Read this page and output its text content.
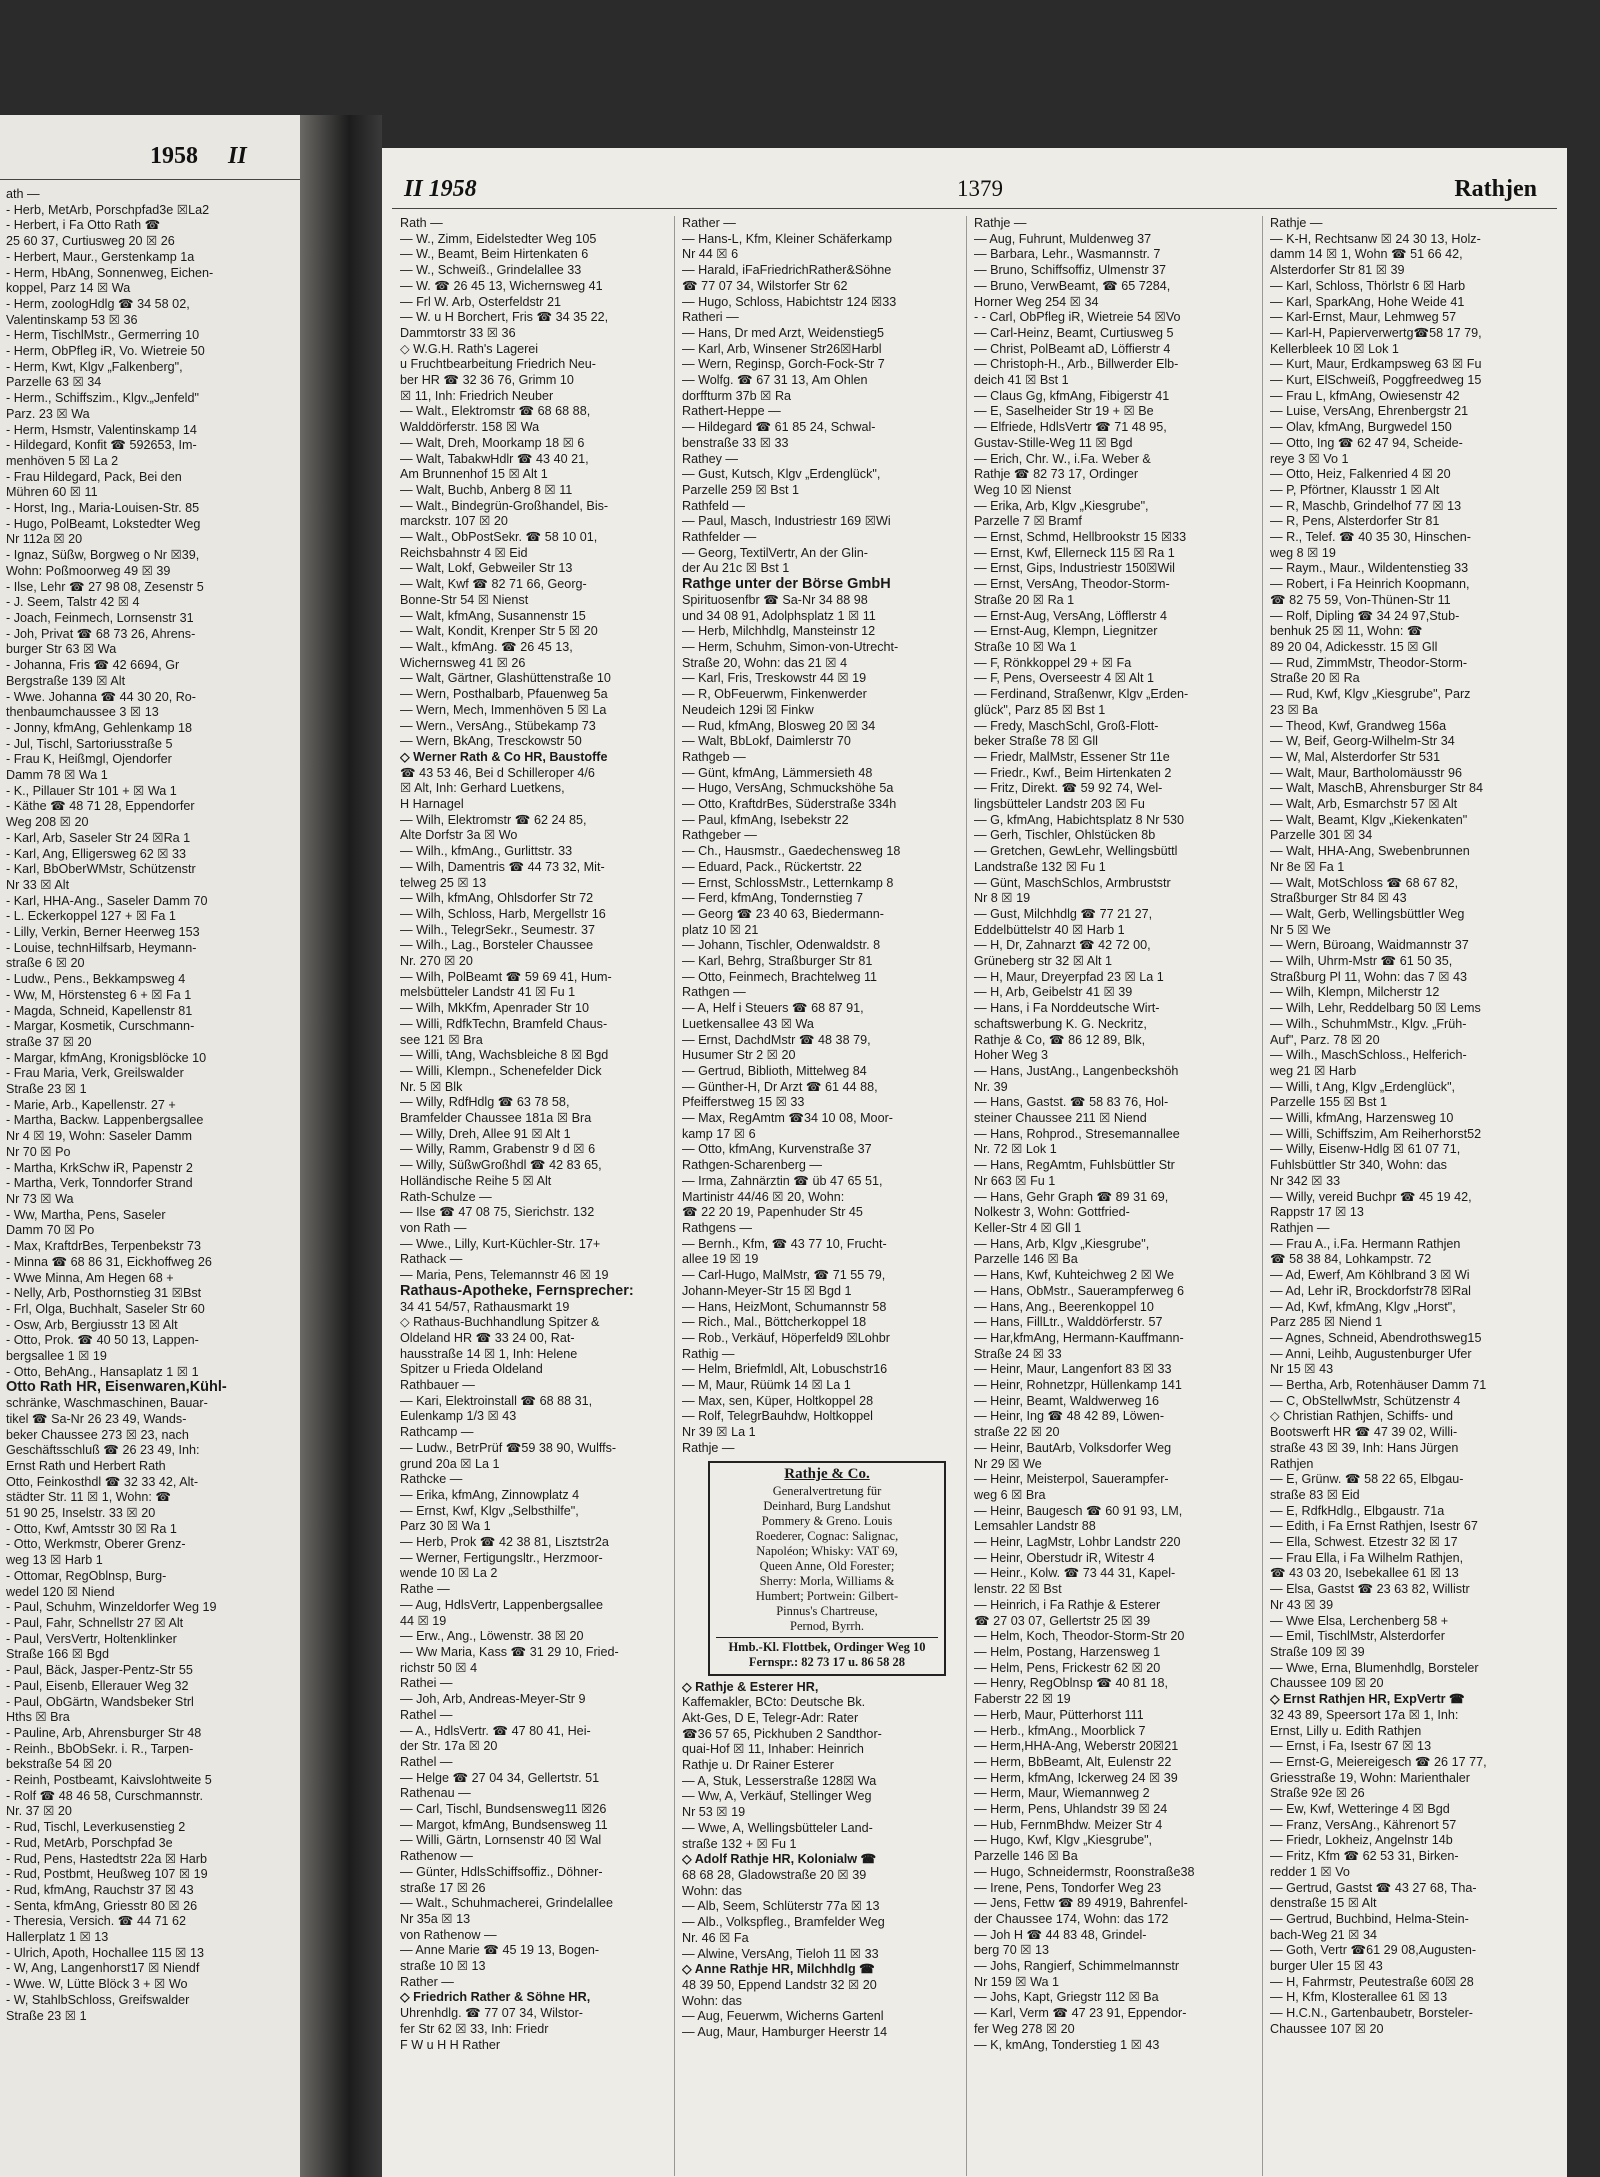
1958 II
ath —
- Herb, MetArb, Porschpfad3e ☒La2
- Herbert, i Fa Otto Rath ☎
25 60 37, Curtiusweg 20 ☒ 26
- Herbert, Maur., Gerstenkamp 1a
- Herm, HbAng, Sonnenweg, Eichen-
koppel, Parz 14 ☒ Wa
- Herm, zoologHdlg ☎ 34 58 02,
Valentinskamp 53 ☒ 36
- Herm, TischlMstr., Germerring 10
- Herm, ObPfleg iR, Vo. Wietreie 50
- Herm, Kwt, Klgv „Falkenberg",
Parzelle 63 ☒ 34
- Herm., Schiffszim., Klgv.„Jenfeld"
Parz. 23 ☒ Wa
- Herm, Hsmstr, Valentinskamp 14
- Hildegard, Konfit ☎ 592653, Im-
menhöven 5 ☒ La 2
- Frau Hildegard, Pack, Bei den
Mühren 60 ☒ 11
- Horst, Ing., Maria-Louisen-Str. 85
- Hugo, PolBeamt, Lokstedter Weg
Nr 112a ☒ 20
- Ignaz, Süßw, Borgweg o Nr ☒39,
Wohn: Poßmoorweg 49 ☒ 39
- Ilse, Lehr ☎ 27 98 08, Zesenstr 5
- J. Seem, Talstr 42 ☒ 4
- Joach, Feinmech, Lornsenstr 31
- Joh, Privat ☎ 68 73 26, Ahrens-
burger Str 63 ☒ Wa
- Johanna, Fris ☎ 42 6694, Gr
Bergstraße 139 ☒ Alt
- Wwe. Johanna ☎ 44 30 20, Ro-
thenbaumchaussee 3 ☒ 13
- Jonny, kfmAng, Gehlenkamp 18
- Jul, Tischl, Sartoriusstraße 5
- Frau K, Heißmgl, Ojendorfer
Damm 78 ☒ Wa 1
- K., Pillauer Str 101 + ☒ Wa 1
- Käthe ☎ 48 71 28, Eppendorfer
Weg 208 ☒ 20
- Karl, Arb, Saseler Str 24 ☒Ra 1
- Karl, Ang, Elligersweg 62 ☒ 33
- Karl, BbOberWMstr, Schützenstr
Nr 33 ☒ Alt
- Karl, HHA-Ang., Saseler Damm 70
- L. Eckerkoppel 127 + ☒ Fa 1
- Lilly, Verkin, Berner Heerweg 153
- Louise, technHilfsarb, Heymann-
straße 6 ☒ 20
- Ludw., Pens., Bekkampsweg 4
- Ww, M, Hörstensteg 6 + ☒ Fa 1
- Magda, Schneid, Kapellenstr 81
- Margar, Kosmetik, Curschmann-
straße 37 ☒ 20
- Margar, kfmAng, Kronigsblöcke 10
- Frau Maria, Verk, Greilswalder
Straße 23 ☒ 1
- Marie, Arb., Kapellenstr. 27 +
- Martha, Backw. Lappenbergsallee
Nr 4 ☒ 19, Wohn: Saseler Damm
Nr 70 ☒ Po
- Martha, KrkSchw iR, Papenstr 2
- Martha, Verk, Tonndorfer Strand
Nr 73 ☒ Wa
- Ww, Martha, Pens, Saseler
Damm 70 ☒ Po
- Max, KraftdrBes, Terpenbekstr 73
- Minna ☎ 68 86 31, Eickhoffweg 26
- Wwe Minna, Am Hegen 68 +
- Nelly, Arb, Posthornstieg 31 ☒Bst
- Frl, Olga, Buchhalt, Saseler Str 60
- Osw, Arb, Bergiusstr 13 ☒ Alt
- Otto, Prok. ☎ 40 50 13, Lappen-
bergsallee 1 ☒ 19
- Otto, BehAng., Hansaplatz 1 ☒ 1
Otto Rath HR, Eisenwaren,Kühl-
schränke, Waschmaschinen, Bauar-
tikel ☎ Sa-Nr 26 23 49, Wands-
beker Chaussee 273 ☒ 23, nach
Geschäftsschluß ☎ 26 23 49, Inh:
Ernst Rath und Herbert Rath
Otto, Feinkosthdl ☎ 32 33 42, Alt-
städter Str. 11 ☒ 1, Wohn: ☎
51 90 25, Inselstr. 33 ☒ 20
- Otto, Kwf, Amtsstr 30 ☒ Ra 1
- Otto, Werkmstr, Oberer Grenz-
weg 13 ☒ Harb 1
- Ottomar, RegOblnsp, Burg-
wedel 120 ☒ Niend
- Paul, Schuhm, Winzeldorfer Weg 19
- Paul, Fahr, Schnellstr 27 ☒ Alt
- Paul, VersVertr, Holtenklinker
Straße 166 ☒ Bgd
- Paul, Bäck, Jasper-Pentz-Str 55
- Paul, Eisenb, Ellerauer Weg 32
- Paul, ObGärtn, Wandsbeker Strl
Hths ☒ Bra
- Pauline, Arb, Ahrensburger Str 48
- Reinh., BbObSekr. i. R., Tarpen-
bekstraße 54 ☒ 20
- Reinh, Postbeamt, Kaivslohtweite 5
- Rolf ☎ 48 46 58, Curschmannstr.
Nr. 37 ☒ 20
- Rud, Tischl, Leverkusenstieg 2
- Rud, MetArb, Porschpfad 3e
- Rud, Pens, Hastedtstr 22a ☒ Harb
- Rud, Postbmt, Heußweg 107 ☒ 19
- Rud, kfmAng, Rauchstr 37 ☒ 43
- Senta, kfmAng, Griesstr 80 ☒ 26
- Theresia, Versich. ☎ 44 71 62
Hallerplatz 1 ☒ 13
- Ulrich, Apoth, Hochallee 115 ☒ 13
- W, Ang, Langenhorst17 ☒ Niendf
- Wwe. W, Lütte Blöck 3 + ☒ Wo
- W, StahlbSchloss, Greifswalder
Straße 23 ☒ 1
II 1958	1379	Rathjen
Rath —
— W., Zimm, Eidelstedter Weg 105
— W., Beamt, Beim Hirtenkaten 6
— W., Schweiß., Grindelallee 33
— W. ☎ 26 45 13, Wichernsweg 41
— Frl W. Arb, Osterfeldstr 21
— W. u H Borchert, Fris ☎ 34 35 22,
Dammtorstr 33 ☒ 36
◇ W.G.H. Rath's Lagerei
u Fruchtbearbeitung Friedrich Neu-
ber HR ☎ 32 36 76, Grimm 10
☒ 11, Inh: Friedrich Neuber
— Walt., Elektromstr ☎ 68 68 88,
Walddörferstr. 158 ☒ Wa
— Walt, Dreh, Moorkamp 18 ☒ 6
— Walt, TabakwHdlr ☎ 43 40 21,
Am Brunnenhof 15 ☒ Alt 1
— Walt, Buchb, Anberg 8 ☒ 11
— Walt., Bindegrün-Großhandel, Bis-
marckstr. 107 ☒ 20
— Walt., ObPostSekr. ☎ 58 10 01,
Reichsbahnstr 4 ☒ Eid
— Walt, Lokf, Gebweiler Str 13
— Walt, Kwf ☎ 82 71 66, Georg-
Bonne-Str 54 ☒ Nienst
— Walt, kfmAng, Susannenstr 15
— Walt, Kondit, Krenper Str 5 ☒ 20
— Walt., kfmAng. ☎ 26 45 13,
Wichernsweg 41 ☒ 26
— Walt, Gärtner, Glashüttenstraße 10
— Wern, Posthalbarb, Pfauenweg 5a
— Wern, Mech, Immenhöven 5 ☒ La
— Wern., VersAng., Stübekamp 73
— Wern, BkAng, Tresckowstr 50
◇ Werner Rath & Co HR, Baustoffe
☎ 43 53 46, Bei d Schilleroper 4/6
☒ Alt, Inh: Gerhard Luetkens,
H Harnagel
— Wilh, Elektromstr ☎ 62 24 85,
Alte Dorfstr 3a ☒ Wo
— Wilh., kfmAng., Gurlittstr. 33
— Wilh, Damentris ☎ 44 73 32, Mit-
telweg 25 ☒ 13
— Wilh, kfmAng, Ohlsdorfer Str 72
— Wilh, Schloss, Harb, Mergellstr 16
— Wilh., TelegrSekr., Seumestr. 37
— Wilh., Lag., Borsteler Chaussee
Nr. 270 ☒ 20
— Wilh, PolBeamt ☎ 59 69 41, Hum-
melsbütteler Landstr 41 ☒ Fu 1
— Wilh, MkKfm, Apenrader Str 10
— Willi, RdfkTechn, Bramfeld Chaus-
see 121 ☒ Bra
— Willi, tAng, Wachsbleiche 8 ☒ Bgd
— Willi, Klempn., Schenefelder Dick
Nr. 5 ☒ Blk
— Willy, RdfHdlg ☎ 63 78 58,
Bramfelder Chaussee 181a ☒ Bra
— Willy, Dreh, Allee 91 ☒ Alt 1
— Willy, Ramm, Grabenstr 9 d ☒ 6
— Willy, SüßwGroßhdl ☎ 42 83 65,
Holländische Reihe 5 ☒ Alt
Rath-Schulze —
— Ilse ☎ 47 08 75, Sierichstr. 132
von Rath —
— Wwe., Lilly, Kurt-Küchler-Str. 17+
Rathack —
— Maria, Pens, Telemannstr 46 ☒ 19
Rathaus-Apotheke, Fernsprecher:
34 41 54/57, Rathausmarkt 19
◇ Rathaus-Buchhandlung Spitzer &
Oldeland HR ☎ 33 24 00, Rat-
hausstraße 14 ☒ 1, Inh: Helene
Spitzer u Frieda Oldeland
Rathbauer —
— Kari, Elektroinstall ☎ 68 88 31,
Eulenkamp 1/3 ☒ 43
Rathcamp —
— Ludw., BetrPrüf ☎59 38 90, Wulffs-
grund 20a ☒ La 1
Rathcke —
— Erika, kfmAng, Zinnowplatz 4
— Ernst, Kwf, Klgv „Selbsthilfe",
Parz 30 ☒ Wa 1
— Herb, Prok ☎ 42 38 81, Lisztstr2a
— Werner, Fertigungsltr., Herzmoor-
wende 10 ☒ La 2
Rathe —
— Aug, HdlsVertr, Lappenbergsallee
44 ☒ 19
— Erw., Ang., Löwenstr. 38 ☒ 20
— Ww Maria, Kass ☎ 31 29 10, Fried-
richstr 50 ☒ 4
Rathei —
— Joh, Arb, Andreas-Meyer-Str 9
Rathel —
— A., HdlsVertr. ☎ 47 80 41, Hei-
der Str. 17a ☒ 20
Rathel —
— Helge ☎ 27 04 34, Gellertstr. 51
Rathenau —
— Carl, Tischl, Bundsensweg11 ☒26
— Margot, kfmAng, Bundsensweg 11
— Willi, Gärtn, Lornsenstr 40 ☒ Wal
Rathenow —
— Günter, HdlsSchiffsoffiz., Döhner-
straße 17 ☒ 26
— Walt., Schuhmacherei, Grindelallee
Nr 35a ☒ 13
von Rathenow —
— Anne Marie ☎ 45 19 13, Bogen-
straße 10 ☒ 13
Rather —
◇ Friedrich Rather & Söhne HR,
Uhrenhdlg. ☎ 77 07 34, Wilstor-
fer Str 62 ☒ 33, Inh: Friedr
F W u H H Rather
Rather —
— Hans-L, Kfm, Kleiner Schäferkamp
Nr 44 ☒ 6
— Harald, iFaFriedrichRather&Söhne
☎ 77 07 34, Wilstorfer Str 62
— Hugo, Schloss, Habichtstr 124 ☒33
Ratheri —
— Hans, Dr med Arzt, Weidenstieg5
— Karl, Arb, Winsener Str26☒Harbl
— Wern, Reginsp, Gorch-Fock-Str 7
— Wolfg. ☎ 67 31 13, Am Ohlen
dorffturm 37b ☒ Ra
Rathert-Heppe —
— Hildegard ☎ 61 85 24, Schwal-
benstraße 33 ☒ 33
Rathey —
— Gust, Kutsch, Klgv „Erdenglück",
Parzelle 259 ☒ Bst 1
Rathfeld —
— Paul, Masch, Industriestr 169 ☒Wi
Rathfelder —
— Georg, TextilVertr, An der Glin-
der Au 21c ☒ Bst 1
Rathge unter der Börse GmbH
Spirituosenfbr ☎ Sa-Nr 34 88 98
und 34 08 91, Adolphsplatz 1 ☒ 11
— Herb, Milchhdlg, Mansteinstr 12
— Herm, Schuhm, Simon-von-Utrecht-
Straße 20, Wohn: das 21 ☒ 4
— Karl, Fris, Treskowstr 44 ☒ 19
— R, ObFeuerwm, Finkenwerder
Neudeich 129i ☒ Finkw
— Rud, kfmAng, Blosweg 20 ☒ 34
— Walt, BbLokf, Daimlerstr 70
Rathgeb —
— Günt, kfmAng, Lämmersieth 48
— Hugo, VersAng, Schmuckshöhe 5a
— Otto, KraftdrBes, Süderstraße 334h
— Paul, kfmAng, Isebekstr 22
Rathgeber —
— Ch., Hausmstr., Gaedechensweg 18
— Eduard, Pack., Rückertstr. 22
— Ernst, SchlossMstr., Letternkamp 8
— Ferd, kfmAng, Tondernstieg 7
— Georg ☎ 23 40 63, Biedermann-
platz 10 ☒ 21
— Johann, Tischler, Odenwaldstr. 8
— Karl, Behrg, Straßburger Str 81
— Otto, Feinmech, Brachtelweg 11
Rathgen —
— A, Helf i Steuers ☎ 68 87 91,
Luetkensallee 43 ☒ Wa
— Ernst, DachdMstr ☎ 48 38 79,
Husumer Str 2 ☒ 20
— Gertrud, Biblioth, Mittelweg 84
— Günther-H, Dr Arzt ☎ 61 44 88,
Pfeifferstweg 15 ☒ 33
— Max, RegAmtm ☎34 10 08, Moor-
kamp 17 ☒ 6
— Otto, kfmAng, Kurvenstraße 37
Rathgen-Scharenberg —
— Irma, Zahnärztin ☎ üb 47 65 51,
Martinistr 44/46 ☒ 20, Wohn:
☎ 22 20 19, Papenhuder Str 45
Rathgens —
— Bernh., Kfm, ☎ 43 77 10, Frucht-
allee 19 ☒ 19
— Carl-Hugo, MalMstr, ☎ 71 55 79,
Johann-Meyer-Str 15 ☒ Bgd 1
— Hans, HeizMont, Schumannstr 58
— Rich., Mal., Böttcherkoppel 18
— Rob., Verkäuf, Höperfeld9 ☒Lohbr
Rathig —
— Helm, Briefmldl, Alt, Lobuschstr16
— M, Maur, Rüümk 14 ☒ La 1
— Max, sen, Küper, Holtkoppel 28
— Rolf, TelegrBauhdw, Holtkoppel
Nr 39 ☒ La 1
Rathje —
Rathje & Co.
Generalvertretung für
Deinhard, Burg Landshut
Pommery & Greno. Louis
Roederer, Cognac: Salignac,
Napoléon; Whisky: VAT 69,
Queen Anne, Old Forester;
Sherry: Morla, Williams &
Humbert; Portwein: Gilbert-
Pinnus's Chartreuse,
Pernod, Byrrh.
Hmb.-Kl. Flottbek, Ordinger Weg 10
Fernspr.: 82 73 17 u. 86 58 28
◇ Rathje & Esterer HR,
Kaffemakler, BCto: Deutsche Bk.
Akt-Ges, D E, Telegr-Adr: Rater
☎36 57 65, Pickhuben 2 Sandthor-
quai-Hof ☒ 11, Inhaber: Heinrich
Rathje u. Dr Rainer Esterer
— A, Stuk, Lesserstraße 128☒ Wa
— Ww, A, Verkäuf, Stellinger Weg
Nr 53 ☒ 19
— Wwe, A, Wellingsbütteler Land-
straße 132 + ☒ Fu 1
◇ Adolf Rathje HR, Kolonialw ☎
68 68 28, Gladowstraße 20 ☒ 39
Wohn: das
— Alb, Seem, Schlüterstr 77a ☒ 13
— Alb., Volkspfleg., Bramfelder Weg
Nr. 46 ☒ Fa
— Alwine, VersAng, Tieloh 11 ☒ 33
◇ Anne Rathje HR, Milchhdlg ☎
48 39 50, Eppend Landstr 32 ☒ 20
Wohn: das
— Aug, Feuerwm, Wicherns Gartenl
— Aug, Maur, Hamburger Heerstr 14
Rathje —
— Aug, Fuhrunt, Muldenweg 37
— Barbara, Lehr., Wasmannstr. 7
— Bruno, Schiffsoffiz, Ulmenstr 37
— Bruno, VerwBeamt, ☎ 65 7284,
Horner Weg 254 ☒ 34
- - Carl, ObPfleg iR, Wietreie 54 ☒Vo
— Carl-Heinz, Beamt, Curtiusweg 5
— Christ, PolBeamt aD, Löffierstr 4
— Christoph-H., Arb., Billwerder Elb-
deich 41 ☒ Bst 1
— Claus Gg, kfmAng, Fibigerstr 41
— E, Saselheider Str 19 + ☒ Be
— Elfriede, HdlsVertr ☎ 71 48 95,
Gustav-Stille-Weg 11 ☒ Bgd
— Erich, Chr. W., i.Fa. Weber &
Rathje ☎ 82 73 17, Ordinger
Weg 10 ☒ Nienst
— Erika, Arb, Klgv „Kiesgrube",
Parzelle 7 ☒ Bramf
— Ernst, Schmd, Hellbrookstr 15 ☒33
— Ernst, Kwf, Ellerneck 115 ☒ Ra 1
— Ernst, Gips, Industriestr 150☒Wil
— Ernst, VersAng, Theodor-Storm-
Straße 20 ☒ Ra 1
— Ernst-Aug, VersAng, Löfflerstr 4
— Ernst-Aug, Klempn, Liegnitzer
Straße 10 ☒ Wa 1
— F, Rönkkoppel 29 + ☒ Fa
— F, Pens, Overseestr 4 ☒ Alt 1
— Ferdinand, Straßenwr, Klgv „Erden-
glück", Parz 85 ☒ Bst 1
— Fredy, MaschSchl, Groß-Flott-
beker Straße 78 ☒ Gll
— Friedr, MalMstr, Essener Str 11e
— Friedr., Kwf., Beim Hirtenkaten 2
— Fritz, Direkt. ☎ 59 92 74, Wel-
lingsbütteler Landstr 203 ☒ Fu
— G, kfmAng, Habichtsplatz 8 Nr 530
— Gerh, Tischler, Ohlstücken 8b
— Gretchen, GewLehr, Wellingsbüttl
Landstraße 132 ☒ Fu 1
— Günt, MaschSchlos, Armbruststr
Nr 8 ☒ 19
— Gust, Milchhdlg ☎ 77 21 27,
Eddelbüttelstr 40 ☒ Harb 1
— H, Dr, Zahnarzt ☎ 42 72 00,
Grüneberg str 32 ☒ Alt 1
— H, Maur, Dreyerpfad 23 ☒ La 1
— H, Arb, Geibelstr 41 ☒ 39
— Hans, i Fa Norddeutsche Wirt-
schaftswerbung K. G. Neckritz,
Rathje & Co, ☎ 86 12 89, Blk,
Hoher Weg 3
— Hans, JustAng., Langenbeckshöh
Nr. 39
— Hans, Gastst. ☎ 58 83 76, Hol-
steiner Chaussee 211 ☒ Niend
— Hans, Rohprod., Stresemannallee
Nr. 72 ☒ Lok 1
— Hans, RegAmtm, Fuhlsbüttler Str
Nr 663 ☒ Fu 1
— Hans, Gehr Graph ☎ 89 31 69,
Nolkestr 3, Wohn: Gottfried-
Keller-Str 4 ☒ Gll 1
— Hans, Arb, Klgv „Kiesgrube",
Parzelle 146 ☒ Ba
— Hans, Kwf, Kuhteichweg 2 ☒ We
— Hans, ObMstr., Sauerampferweg 6
— Hans, Ang., Beerenkoppel 10
— Hans, FillLtr., Walddörferstr. 57
— Har,kfmAng, Hermann-Kauffmann-
Straße 24 ☒ 33
— Heinr, Maur, Langenfort 83 ☒ 33
— Heinr, Rohnetzpr, Hüllenkamp 141
— Heinr, Beamt, Waldwerweg 16
— Heinr, Ing ☎ 48 42 89, Löwen-
straße 22 ☒ 20
— Heinr, BautArb, Volksdorfer Weg
Nr 29 ☒ We
— Heinr, Meisterpol, Sauerampfer-
weg 6 ☒ Bra
— Heinr, Baugesch ☎ 60 91 93, LM,
Lemsahler Landstr 88
— Heinr, LagMstr, Lohbr Landstr 220
— Heinr, Oberstudr iR, Witestr 4
— Heinr., Kolw. ☎ 73 44 31, Kapel-
lenstr. 22 ☒ Bst
— Heinrich, i Fa Rathje & Esterer
☎ 27 03 07, Gellertstr 25 ☒ 39
— Helm, Koch, Theodor-Storm-Str 20
— Helm, Postang, Harzensweg 1
— Helm, Pens, Frickestr 62 ☒ 20
— Henry, RegOblnsp ☎ 40 81 18,
Faberstr 22 ☒ 19
— Herb, Maur, Pütterhorst 111
— Herb., kfmAng., Moorblick 7
— Herm,HHA-Ang, Weberstr 20☒21
— Herm, BbBeamt, Alt, Eulenstr 22
— Herm, kfmAng, Ickerweg 24 ☒ 39
— Herm, Maur, Wiemannweg 2
— Herm, Pens, Uhlandstr 39 ☒ 24
— Hub, FernmBhdw. Meizer Str 4
— Hugo, Kwf, Klgv „Kiesgrube",
Parzelle 146 ☒ Ba
— Hugo, Schneidermstr, Roonstraße38
— Irene, Pens, Tondorfer Weg 23
— Jens, Fettw ☎ 89 4919, Bahrenfel-
der Chaussee 174, Wohn: das 172
— Joh H ☎ 44 83 48, Grindel-
berg 70 ☒ 13
— Johs, Rangierf, Schimmelmannstr
Nr 159 ☒ Wa 1
— Johs, Kapt, Griegstr 112 ☒ Ba
— Karl, Verm ☎ 47 23 91, Eppendor-
fer Weg 278 ☒ 20
— K, kmAng, Tonderstieg 1 ☒ 43
Rathje —
— K-H, Rechtsanw ☒ 24 30 13, Holz-
damm 14 ☒ 1, Wohn ☎ 51 66 42,
Alsterdorfer Str 81 ☒ 39
— Karl, Schloss, Thörlstr 6 ☒ Harb
— Karl, SparkAng, Hohe Weide 41
— Karl-Ernst, Maur, Lehmweg 57
— Karl-H, Papierverwertg☎58 17 79,
Kellerbleek 10 ☒ Lok 1
— Kurt, Maur, Erdkampsweg 63 ☒ Fu
— Kurt, ElSchweiß, Poggfreedweg 15
— Frau L, kfmAng, Owiesenstr 42
— Luise, VersAng, Ehrenbergstr 21
— Olav, kfmAng, Burgwedel 150
— Otto, Ing ☎ 62 47 94, Scheide-
reye 3 ☒ Vo 1
— Otto, Heiz, Falkenried 4 ☒ 20
— P, Pförtner, Klausstr 1 ☒ Alt
— R, Maschb, Grindelhof 77 ☒ 13
— R, Pens, Alsterdorfer Str 81
— R., Telef. ☎ 40 35 30, Hinschen-
weg 8 ☒ 19
— Raym., Maur., Wildentenstieg 33
— Robert, i Fa Heinrich Koopmann,
☎ 82 75 59, Von-Thünen-Str 11
— Rolf, Dipling ☎ 34 24 97,Stub-
benhuk 25 ☒ 11, Wohn: ☎
89 20 04, Adickesstr. 15 ☒ Gll
— Rud, ZimmMstr, Theodor-Storm-
Straße 20 ☒ Ra
— Rud, Kwf, Klgv „Kiesgrube", Parz
23 ☒ Ba
— Theod, Kwf, Grandweg 156a
— W, Beif, Georg-Wilhelm-Str 34
— W, Mal, Alsterdorfer Str 531
— Walt, Maur, Bartholomäusstr 96
— Walt, MaschB, Ahrensburger Str 84
— Walt, Arb, Esmarchstr 57 ☒ Alt
— Walt, Beamt, Klgv „Kiekenkaten"
Parzelle 301 ☒ 34
— Walt, HHA-Ang, Swebenbrunnen
Nr 8e ☒ Fa 1
— Walt, MotSchloss ☎ 68 67 82,
Straßburger Str 84 ☒ 43
— Walt, Gerb, Wellingsbüttler Weg
Nr 5 ☒ We
— Wern, Büroang, Waidmannstr 37
— Wilh, Uhrm-Mstr ☎ 61 50 35,
Straßburg Pl 11, Wohn: das 7 ☒ 43
— Wilh, Klempn, Milcherstr 12
— Wilh, Lehr, Reddelbarg 50 ☒ Lems
— Wilh., SchuhmMstr., Klgv. „Früh-
Auf", Parz. 78 ☒ 20
— Wilh., MaschSchloss., Helferich-
weg 21 ☒ Harb
— Willi, t Ang, Klgv „Erdenglück",
Parzelle 155 ☒ Bst 1
— Willi, kfmAng, Harzensweg 10
— Willi, Schiffszim, Am Reiherhorst52
— Willy, Eisenw-Hdlg ☒ 61 07 71,
Fuhlsbüttler Str 340, Wohn: das
Nr 342 ☒ 33
— Willy, vereid Buchpr ☎ 45 19 42,
Rappstr 17 ☒ 13
Rathjen —
— Frau A., i.Fa. Hermann Rathjen
☎ 58 38 84, Lohkampstr. 72
— Ad, Ewerf, Am Köhlbrand 3 ☒ Wi
— Ad, Lehr iR, Brockdorfstr78 ☒Ral
— Ad, Kwf, kfmAng, Klgv „Horst",
Parz 285 ☒ Niend 1
— Agnes, Schneid, Abendrothsweg15
— Anni, Leihb, Augustenburger Ufer
Nr 15 ☒ 43
— Bertha, Arb, Rotenhäuser Damm 71
— C, ObStellwMstr, Schützenstr 4
◇ Christian Rathjen, Schiffs- und
Bootswerft HR ☎ 47 39 02, Willi-
straße 43 ☒ 39, Inh: Hans Jürgen
Rathjen
— E, Grünw. ☎ 58 22 65, Elbgau-
straße 83 ☒ Eid
— E, RdfkHdlg., Elbgaustr. 71a
— Edith, i Fa Ernst Rathjen, Isestr 67
— Ella, Schwest. Etzestr 32 ☒ 17
— Frau Ella, i Fa Wilhelm Rathjen,
☎ 43 03 20, Isebekallee 61 ☒ 13
— Elsa, Gastst ☎ 23 63 82, Willistr
Nr 43 ☒ 39
— Wwe Elsa, Lerchenberg 58 +
— Emil, TischlMstr, Alsterdorfer
Straße 109 ☒ 39
— Wwe, Erna, Blumenhdlg, Borsteler
Chaussee 109 ☒ 20
◇ Ernst Rathjen HR, ExpVertr ☎
32 43 89, Speersort 17a ☒ 1, Inh:
Ernst, Lilly u. Edith Rathjen
— Ernst, i Fa, Isestr 67 ☒ 13
— Ernst-G, Meiereigesch ☎ 26 17 77,
Griesstraße 19, Wohn: Marienthaler
Straße 92e ☒ 26
— Ew, Kwf, Wetteringe 4 ☒ Bgd
— Franz, VersAng., Kährenort 57
— Friedr, Lokheiz, Angelnstr 14b
— Fritz, Kfm ☎ 62 53 31, Birken-
redder 1 ☒ Vo
— Gertrud, Gastst ☎ 43 27 68, Tha-
denstraße 15 ☒ Alt
— Gertrud, Buchbind, Helma-Stein-
bach-Weg 21 ☒ 34
— Goth, Vertr ☎61 29 08,Augusten-
burger Uler 15 ☒ 43
— H, Fahrmstr, Peutestraße 60☒ 28
— H, Kfm, Klosterallee 61 ☒ 13
— H.C.N., Gartenbaubetr, Borsteler-
Chaussee 107 ☒ 20
